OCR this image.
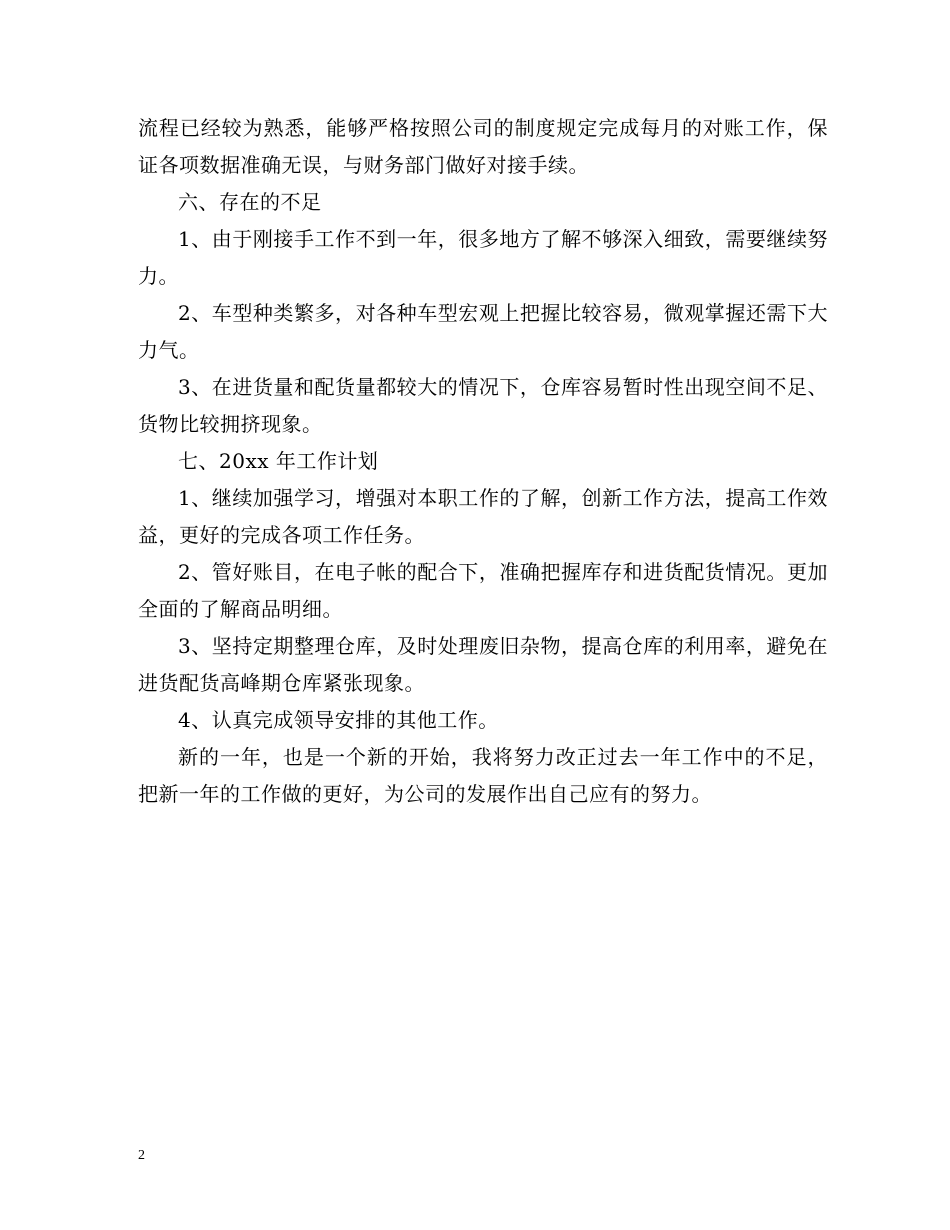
流程已经较为熟悉，能够严格按照公司的制度规定完成每月的对账工作，保证各项数据准确无误，与财务部门做好对接手续。

六、存在的不足

1、由于刚接手工作不到一年，很多地方了解不够深入细致，需要继续努力。

2、车型种类繁多，对各种车型宏观上把握比较容易，微观掌握还需下大力气。

3、在进货量和配货量都较大的情况下，仓库容易暂时性出现空间不足、货物比较拥挤现象。

七、20xx 年工作计划

1、继续加强学习，增强对本职工作的了解，创新工作方法，提高工作效益，更好的完成各项工作任务。

2、管好账目，在电子帐的配合下，准确把握库存和进货配货情况。更加全面的了解商品明细。

3、坚持定期整理仓库，及时处理废旧杂物，提高仓库的利用率，避免在进货配货高峰期仓库紧张现象。

4、认真完成领导安排的其他工作。

新的一年，也是一个新的开始，我将努力改正过去一年工作中的不足，把新一年的工作做的更好，为公司的发展作出自己应有的努力。

2
